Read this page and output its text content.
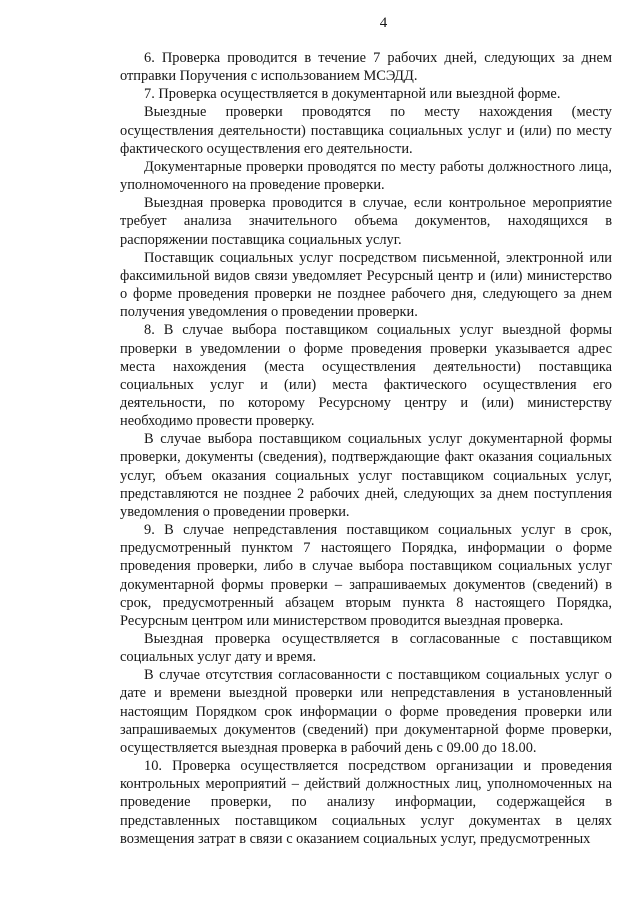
4

6. Проверка проводится в течение 7 рабочих дней, следующих за днем отправки Поручения с использованием МСЭДД.

7. Проверка осуществляется в документарной или выездной форме.

Выездные проверки проводятся по месту нахождения (месту осуществления деятельности) поставщика социальных услуг и (или) по месту фактического осуществления его деятельности.

Документарные проверки проводятся по месту работы должностного лица, уполномоченного на проведение проверки.

Выездная проверка проводится в случае, если контрольное мероприятие требует анализа значительного объема документов, находящихся в распоряжении поставщика социальных услуг.

Поставщик социальных услуг посредством письменной, электронной или факсимильной видов связи уведомляет Ресурсный центр и (или) министерство о форме проведения проверки не позднее рабочего дня, следующего за днем получения уведомления о проведении проверки.

8. В случае выбора поставщиком социальных услуг выездной формы проверки в уведомлении о форме проведения проверки указывается адрес места нахождения (места осуществления деятельности) поставщика социальных услуг и (или) места фактического осуществления его деятельности, по которому Ресурсному центру и (или) министерству необходимо провести проверку.

В случае выбора поставщиком социальных услуг документарной формы проверки, документы (сведения), подтверждающие факт оказания социальных услуг, объем оказания социальных услуг поставщиком социальных услуг, представляются не позднее 2 рабочих дней, следующих за днем поступления уведомления о проведении проверки.

9. В случае непредставления поставщиком социальных услуг в срок, предусмотренный пунктом 7 настоящего Порядка, информации о форме проведения проверки, либо в случае выбора поставщиком социальных услуг документарной формы проверки – запрашиваемых документов (сведений) в срок, предусмотренный абзацем вторым пункта 8 настоящего Порядка, Ресурсным центром или министерством проводится выездная проверка.

Выездная проверка осуществляется в согласованные с поставщиком социальных услуг дату и время.

В случае отсутствия согласованности с поставщиком социальных услуг о дате и времени выездной проверки или непредставления в установленный настоящим Порядком срок информации о форме проведения проверки или запрашиваемых документов (сведений) при документарной форме проверки, осуществляется выездная проверка в рабочий день с 09.00 до 18.00.

10. Проверка осуществляется посредством организации и проведения контрольных мероприятий – действий должностных лиц, уполномоченных на проведение проверки, по анализу информации, содержащейся в представленных поставщиком социальных услуг документах в целях возмещения затрат в связи с оказанием социальных услуг, предусмотренных
